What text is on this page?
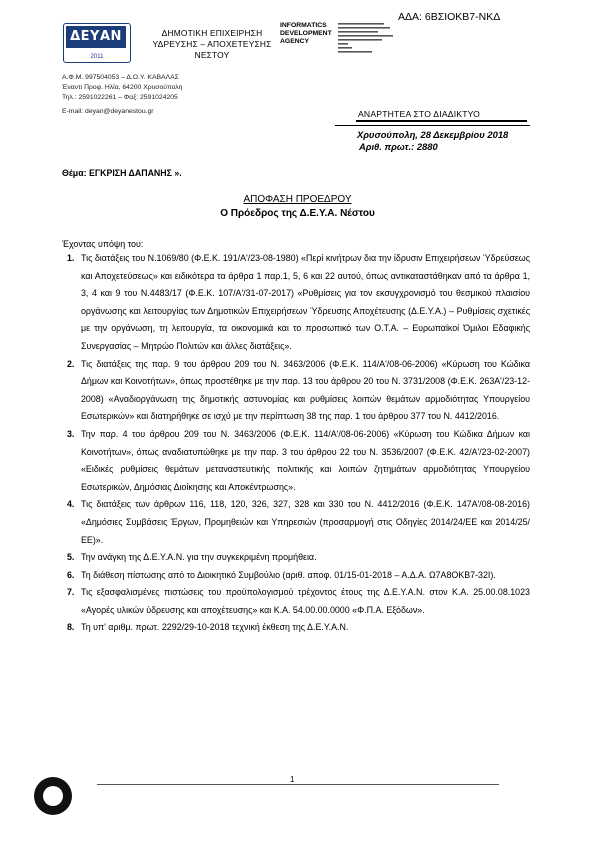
ΑΔΑ: 6ΒΣΙΟΚΒ7-ΝΚΔ
ΔΕΥΑΝ
2011
ΔΗΜΟΤΙΚΗ ΕΠΙΧΕΙΡΗΣΗ
ΥΔΡΕΥΣΗΣ – ΑΠΟΧΕΤΕΥΣΗΣ
ΝΕΣΤΟΥ
INFORMATICS
DEVELOPMENT
AGENCY
Α.Φ.Μ. 997504053 – Δ.Ο.Υ. ΚΑΒΑΛΑΣ
Έναντι Προφ. Ηλία, 64200 Χρυσούπολη
Τηλ.: 2591022261 – Φαξ: 2591024205
E-mail: deyan@deyanestou.gr	ΑΝΑΡΤΗΤΕΑ ΣΤΟ ΔΙΑΔΙΚΤΥΟ
Χρυσούπολη, 28 Δεκεμβρίου 2018
Αριθ. πρωτ.: 2880
Θέμα: ΕΓΚΡΙΣΗ ΔΑΠΑΝΗΣ ».
ΑΠΟΦΑΣΗ ΠΡΟΕΔΡΟΥ
Ο Πρόεδρος της Δ.Ε.Υ.Α. Νέστου
Έχοντας υπόψη του:
1. Τις διατάξεις του Ν.1069/80 (Φ.Ε.Κ. 191/Α'/23-08-1980) «Περί κινήτρων δια την ίδρυσιν Επιχειρήσεων Ύδρεύσεως και Αποχετεύσεως» και ειδικότερα τα άρθρα 1 παρ.1, 5, 6 και 22 αυτού, όπως αντικαταστάθηκαν από τα άρθρα 1, 3, 4 και 9 του Ν.4483/17 (Φ.Ε.Κ. 107/Α'/31-07-2017) «Ρυθμίσεις για τον εκσυγχρονισμό του θεσμικού πλαισίου οργάνωσης και λειτουργίας των Δημοτικών Επιχειρήσεων Ύδρευσης Αποχέτευσης (Δ.Ε.Υ.Α.) – Ρυθμίσεις σχετικές με την οργάνωση, τη λειτουργία, τα οικονομικά και το προσωπικό των Ο.Τ.Α. – Ευρωπαϊκοί Όμιλοι Εδαφικής Συνεργασίας – Μητρώο Πολιτών και άλλες διατάξεις».
2. Τις διατάξεις της παρ. 9 του άρθρου 209 του Ν. 3463/2006 (Φ.Ε.Κ. 114/Α'/08-06-2006) «Κύρωση του Κώδικα Δήμων και Κοινοτήτων», όπως προστέθηκε με την παρ. 13 του άρθρου 20 του Ν. 3731/2008 (Φ.Ε.Κ. 263Α'/23-12-2008) «Αναδιοργάνωση της δημοτικής αστυνομίας και ρυθμίσεις λοιπών θεμάτων αρμοδιότητας Υπουργείου Εσωτερικών» και διατηρήθηκε σε ισχύ με την περίπτωση 38 της παρ. 1 του άρθρου 377 του Ν. 4412/2016.
3. Την παρ. 4 του άρθρου 209 του Ν. 3463/2006 (Φ.Ε.Κ. 114/Α'/08-06-2006) «Κύρωση του Κώδικα Δήμων και Κοινοτήτων», όπως αναδιατυπώθηκε με την παρ. 3 του άρθρου 22 του Ν. 3536/2007 (Φ.Ε.Κ. 42/Α'/23-02-2007) «Ειδικές ρυθμίσεις θεμάτων μεταναστευτικής πολιτικής και λοιπών ζητημάτων αρμοδιότητας Υπουργείου Εσωτερικών, Δημόσιας Διοίκησης και Αποκέντρωσης».
4. Τις διατάξεις των άρθρων 116, 118, 120, 326, 327, 328 και 330 του Ν. 4412/2016 (Φ.Ε.Κ. 147Α'/08-08-2016) «Δημόσιες Συμβάσεις Έργων, Προμηθειών και Υπηρεσιών (προσαρμογή στις Οδηγίες 2014/24/ΕΕ και 2014/25/ΕΕ)».
5. Την ανάγκη της Δ.Ε.Υ.Α.Ν. για την συγκεκριμένη προμήθεια.
6. Τη διάθεση πίστωσης από το Διοικητικό Συμβούλιο (αριθ. αποφ. 01/15-01-2018 – Α.Δ.Α. Ω7Α8ΟΚΒ7-32Ι).
7. Τις εξασφαλισμένες πιστώσεις του προϋπολογισμού τρέχοντος έτους της Δ.Ε.Υ.Α.Ν. στον Κ.Α. 25.00.08.1023 «Αγορές υλικών ύδρευσης και αποχέτευσης» και Κ.Α. 54.00.00.0000 «Φ.Π.Α. Εξόδων».
8. Τη υπ' αριθμ. πρωτ. 2292/29-10-2018 τεχνική έκθεση της Δ.Ε.Υ.Α.Ν.
1
